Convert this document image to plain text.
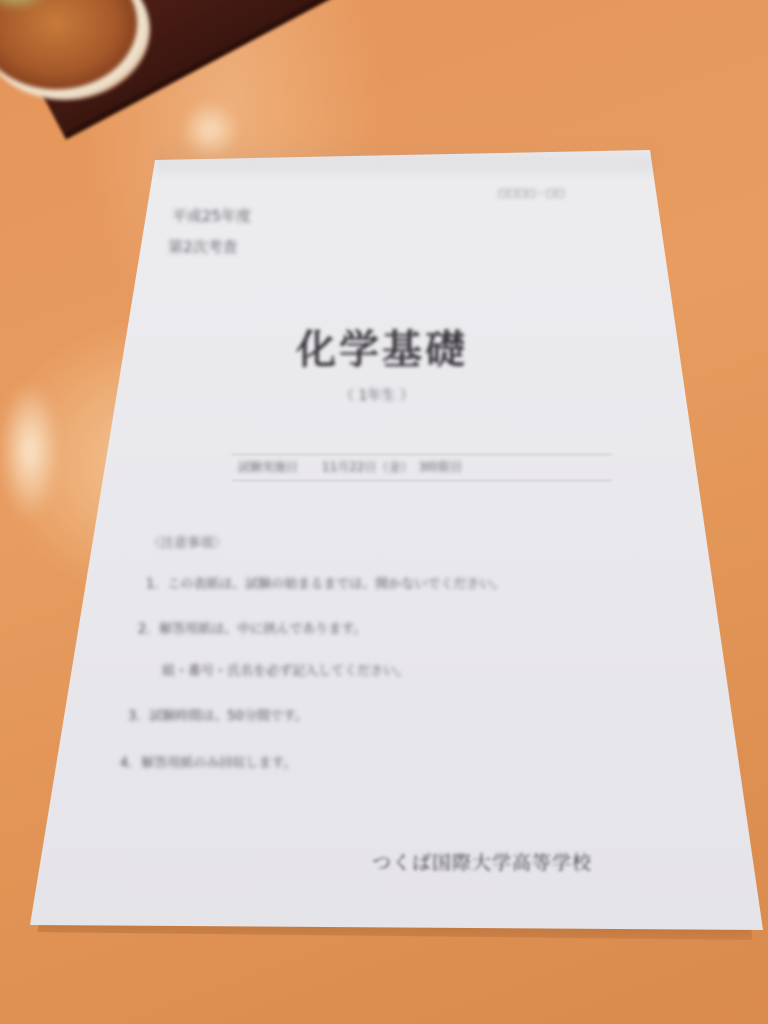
□□□□ - □□
平成25年度
第2次考査
化学基礎
（ 1年生 ）
試験実施日　　11月22日（金）　3時限目
〈注意事項〉
1．この表紙は、試験の始まるまでは、開かないでください。
2．解答用紙は、中に挟んであります。
組・番号・氏名を必ず記入してください。
3．試験時間は、50分間です。
4．解答用紙のみ回収します。
つくば国際大学高等学校
